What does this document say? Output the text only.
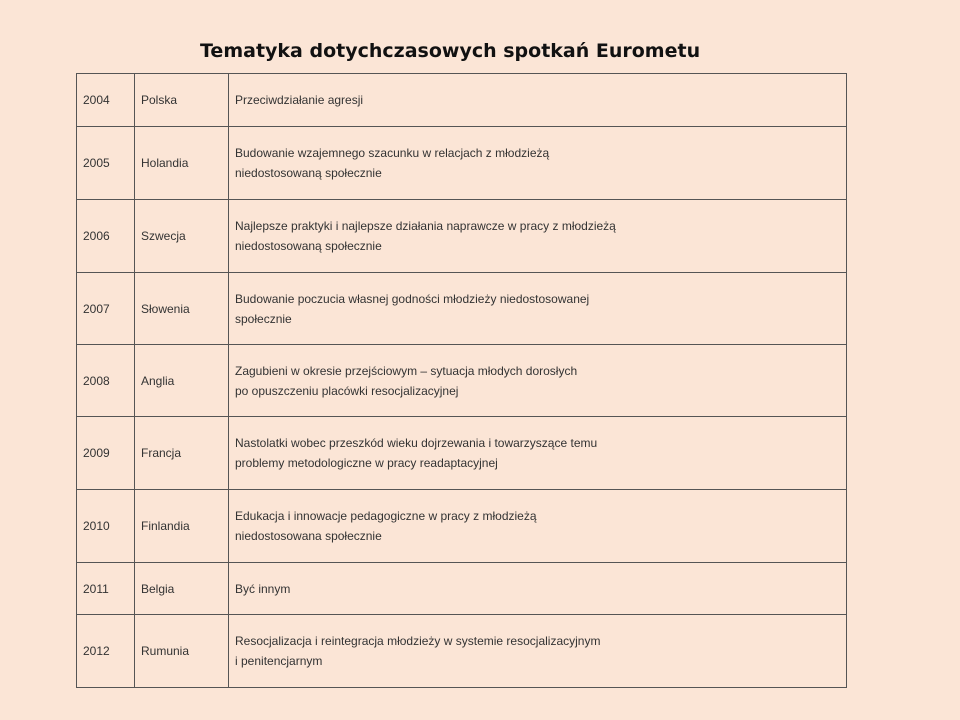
Tematyka dotychczasowych spotkań Eurometu
2004	Polska	Przeciwdziałanie agresji

2005	Holandia	Budowanie wzajemnego szacunku w relacjach z młodzieżą
niedostosowaną społecznie

2006	Szwecja	Najlepsze praktyki i najlepsze działania naprawcze w pracy z młodzieżą
niedostosowaną społecznie

2007	Słowenia	Budowanie poczucia własnej godności młodzieży niedostosowanej
społecznie

2008	Anglia	Zagubieni w okresie przejściowym – sytuacja młodych dorosłych
po opuszczeniu placówki resocjalizacyjnej

2009	Francja	Nastolatki wobec przeszkód wieku dojrzewania i towarzyszące temu
problemy metodologiczne w pracy readaptacyjnej

2010	Finlandia	Edukacja i innowacje pedagogiczne w pracy z młodzieżą
niedostosowana społecznie

2011	Belgia	Być innym

2012	Rumunia	Resocjalizacja i reintegracja młodzieży w systemie resocjalizacyjnym
i penitencjarnym
